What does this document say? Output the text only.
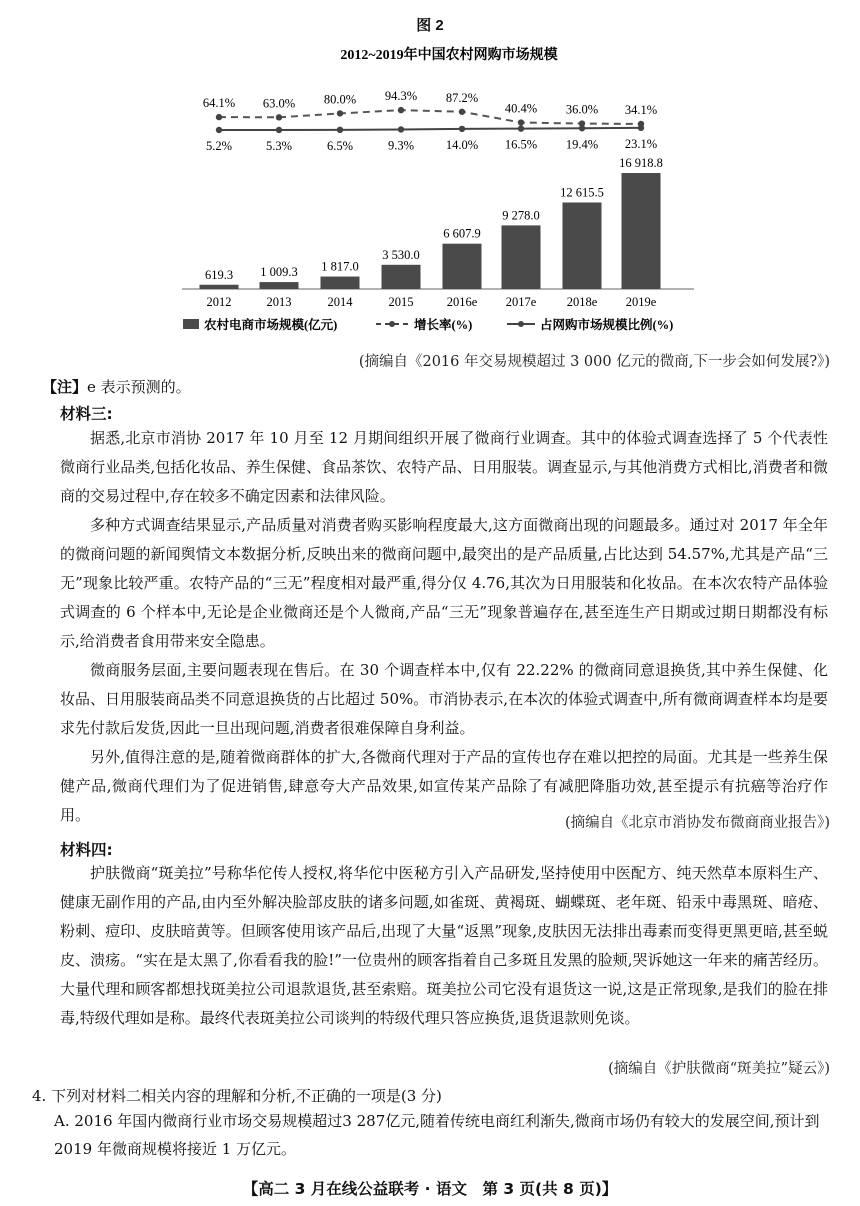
图 2
2012~2019年中国农村网购市场规模
619.3 1 009.3 1 817.0
3 530.0
6 607.9
9 278.0
12 615.5
16 918.8
64.1% 63.0% 80.0% 94.3% 87.2%
40.4% 36.0% 34.1%
5.2%	5.3%	6.5%	9.3%	14.0% 16.5% 19.4% 23.1%
2012	2013	2014	2015	2016e 2017e 2018e 2019e
农村电商市场规模(亿元)	增长率(%)	占网购市场规模比例(%)
(摘编自《2016 年交易规模超过 3 000 亿元的微商,下一步会如何发展?》)
【注】e 表示预测的。
材料三:

据悉,北京市消协 2017 年 10 月至 12 月期间组织开展了微商行业调查。其中的体验式调查选择了 5 个代表性微商行业品类,包括化妆品、养生保健、食品茶饮、农特产品、日用服装。调查显示,与其他消费方式相比,消费者和微商的交易过程中,存在较多不确定因素和法律风险。

多种方式调查结果显示,产品质量对消费者购买影响程度最大,这方面微商出现的问题最多。通过对 2017 年全年的微商问题的新闻舆情文本数据分析,反映出来的微商问题中,最突出的是产品质量,占比达到 54.57%,尤其是产品“三无”现象比较严重。农特产品的“三无”程度相对最严重,得分仅 4.76,其次为日用服装和化妆品。在本次农特产品体验式调查的 6 个样本中,无论是企业微商还是个人微商,产品“三无”现象普遍存在,甚至连生产日期或过期日期都没有标示,给消费者食用带来安全隐患。

微商服务层面,主要问题表现在售后。在 30 个调查样本中,仅有 22.22% 的微商同意退换货,其中养生保健、化妆品、日用服装商品类不同意退换货的占比超过 50%。市消协表示,在本次的体验式调查中,所有微商调查样本均是要求先付款后发货,因此一旦出现问题,消费者很难保障自身利益。

另外,值得注意的是,随着微商群体的扩大,各微商代理对于产品的宣传也存在难以把控的局面。尤其是一些养生保健产品,微商代理们为了促进销售,肆意夸大产品效果,如宣传某产品除了有减肥降脂功效,甚至提示有抗癌等治疗作用。	(摘编自《北京市消协发布微商商业报告》)
材料四:

护肤微商“斑美拉”号称华佗传人授权,将华佗中医秘方引入产品研发,坚持使用中医配方、纯天然草本原料生产、健康无副作用的产品,由内至外解决脸部皮肤的诸多问题,如雀斑、黄褐斑、蝴蝶斑、老年斑、铅汞中毒黑斑、暗疮、粉刺、痘印、皮肤暗黄等。但顾客使用该产品后,出现了大量“返黑”现象,皮肤因无法排出毒素而变得更黑更暗,甚至蜕皮、溃疡。“实在是太黑了,你看看我的脸!”一位贵州的顾客指着自己多斑且发黑的脸颊,哭诉她这一年来的痛苦经历。大量代理和顾客都想找斑美拉公司退款退货,甚至索赔。斑美拉公司它没有退货这一说,这是正常现象,是我们的脸在排毒,特级代理如是称。最终代表斑美拉公司谈判的特级代理只答应换货,退货退款则免谈。

(摘编自《护肤微商“斑美拉”疑云》)
4. 下列对材料二相关内容的理解和分析,不正确的一项是(3 分)
A. 2016 年国内微商行业市场交易规模超过3 287亿元,随着传统电商红利渐失,微商市场仍有较大的发展空间,预计到 2019 年微商规模将接近 1 万亿元。
【高二 3 月在线公益联考 · 语文　第 3 页(共 8 页)】
